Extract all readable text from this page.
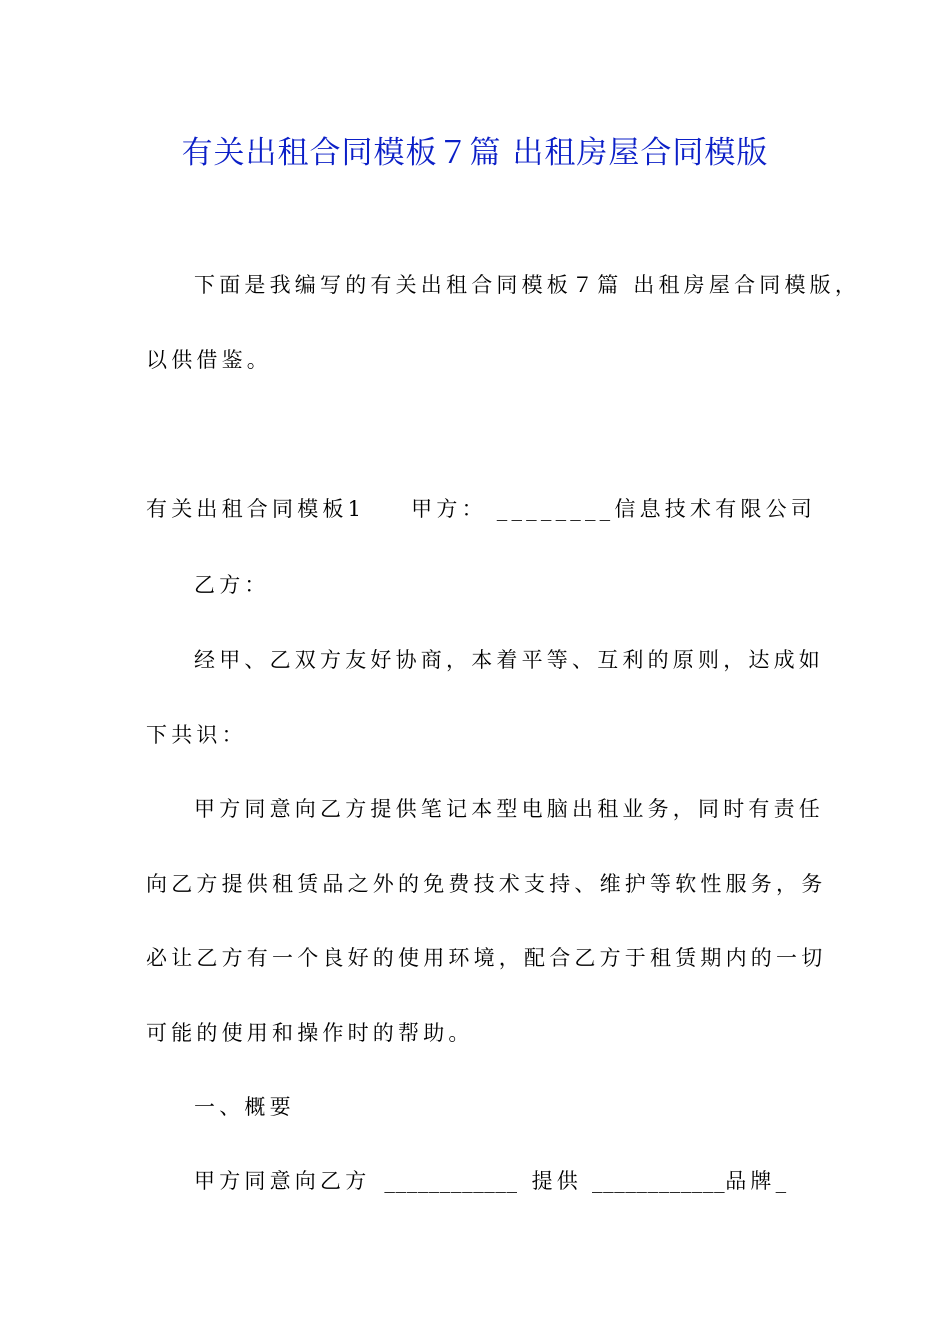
有关出租合同模板７篇 出租房屋合同模版
下面是我编写的有关出租合同模板７篇 出租房屋合同模版，
以供借鉴。
有关出租合同模板1 甲方： ________信息技术有限公司
乙方：
经甲、乙双方友好协商，本着平等、互利的原则，达成如
下共识：
甲方同意向乙方提供笔记本型电脑出租业务，同时有责任
向乙方提供租赁品之外的免费技术支持、维护等软性服务，务
必让乙方有一个良好的使用环境，配合乙方于租赁期内的一切
可能的使用和操作时的帮助。
一、概要
甲方同意向乙方 ____________ 提供 ____________品牌_
